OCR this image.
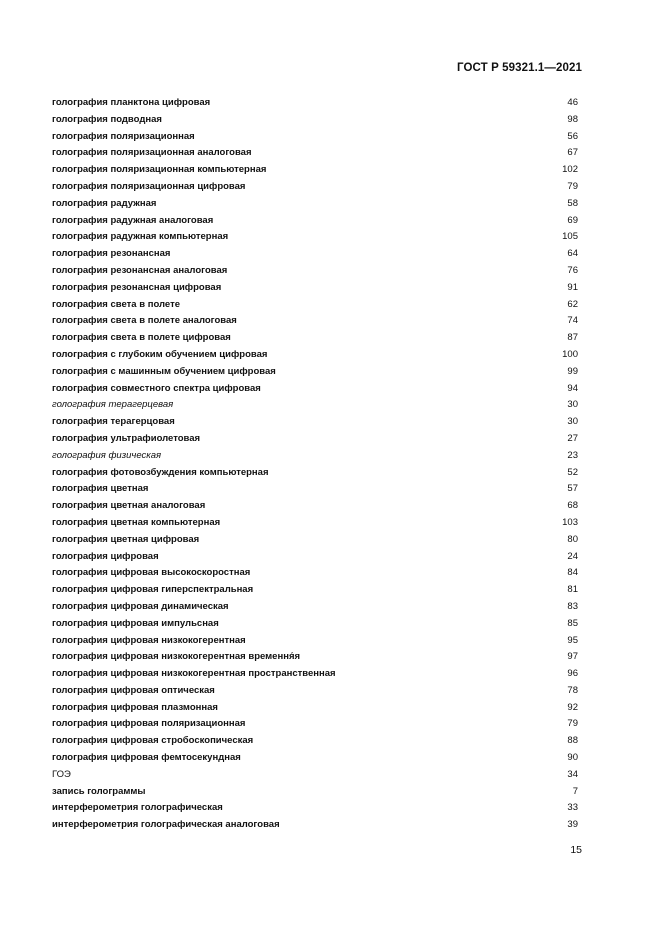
ГОСТ Р 59321.1—2021
голография планктона цифровая	46
голография подводная	98
голография поляризационная	56
голография поляризационная аналоговая	67
голография поляризационная компьютерная	102
голография поляризационная цифровая	79
голография радужная	58
голография радужная аналоговая	69
голография радужная компьютерная	105
голография резонансная	64
голография резонансная аналоговая	76
голография резонансная цифровая	91
голография света в полете	62
голография света в полете аналоговая	74
голография света в полете цифровая	87
голография с глубоким обучением цифровая	100
голография с машинным обучением цифровая	99
голография совместного спектра цифровая	94
голография терагерцевая	30
голография терагерцовая	30
голография ультрафиолетовая	27
голография физическая	23
голография фотовозбуждения компьютерная	52
голография цветная	57
голография цветная аналоговая	68
голография цветная компьютерная	103
голография цветная цифровая	80
голография цифровая	24
голография цифровая высокоскоростная	84
голография цифровая гиперспектральная	81
голография цифровая динамическая	83
голография цифровая импульсная	85
голография цифровая низкокогерентная	95
голография цифровая низкокогерентная времення́я	97
голография цифровая низкокогерентная пространственная	96
голография цифровая оптическая	78
голография цифровая плазмонная	92
голография цифровая поляризационная	79
голография цифровая стробоскопическая	88
голография цифровая фемтосекундная	90
ГОЭ	34
запись голограммы	7
интерферометрия голографическая	33
интерферометрия голографическая аналоговая	39
15
